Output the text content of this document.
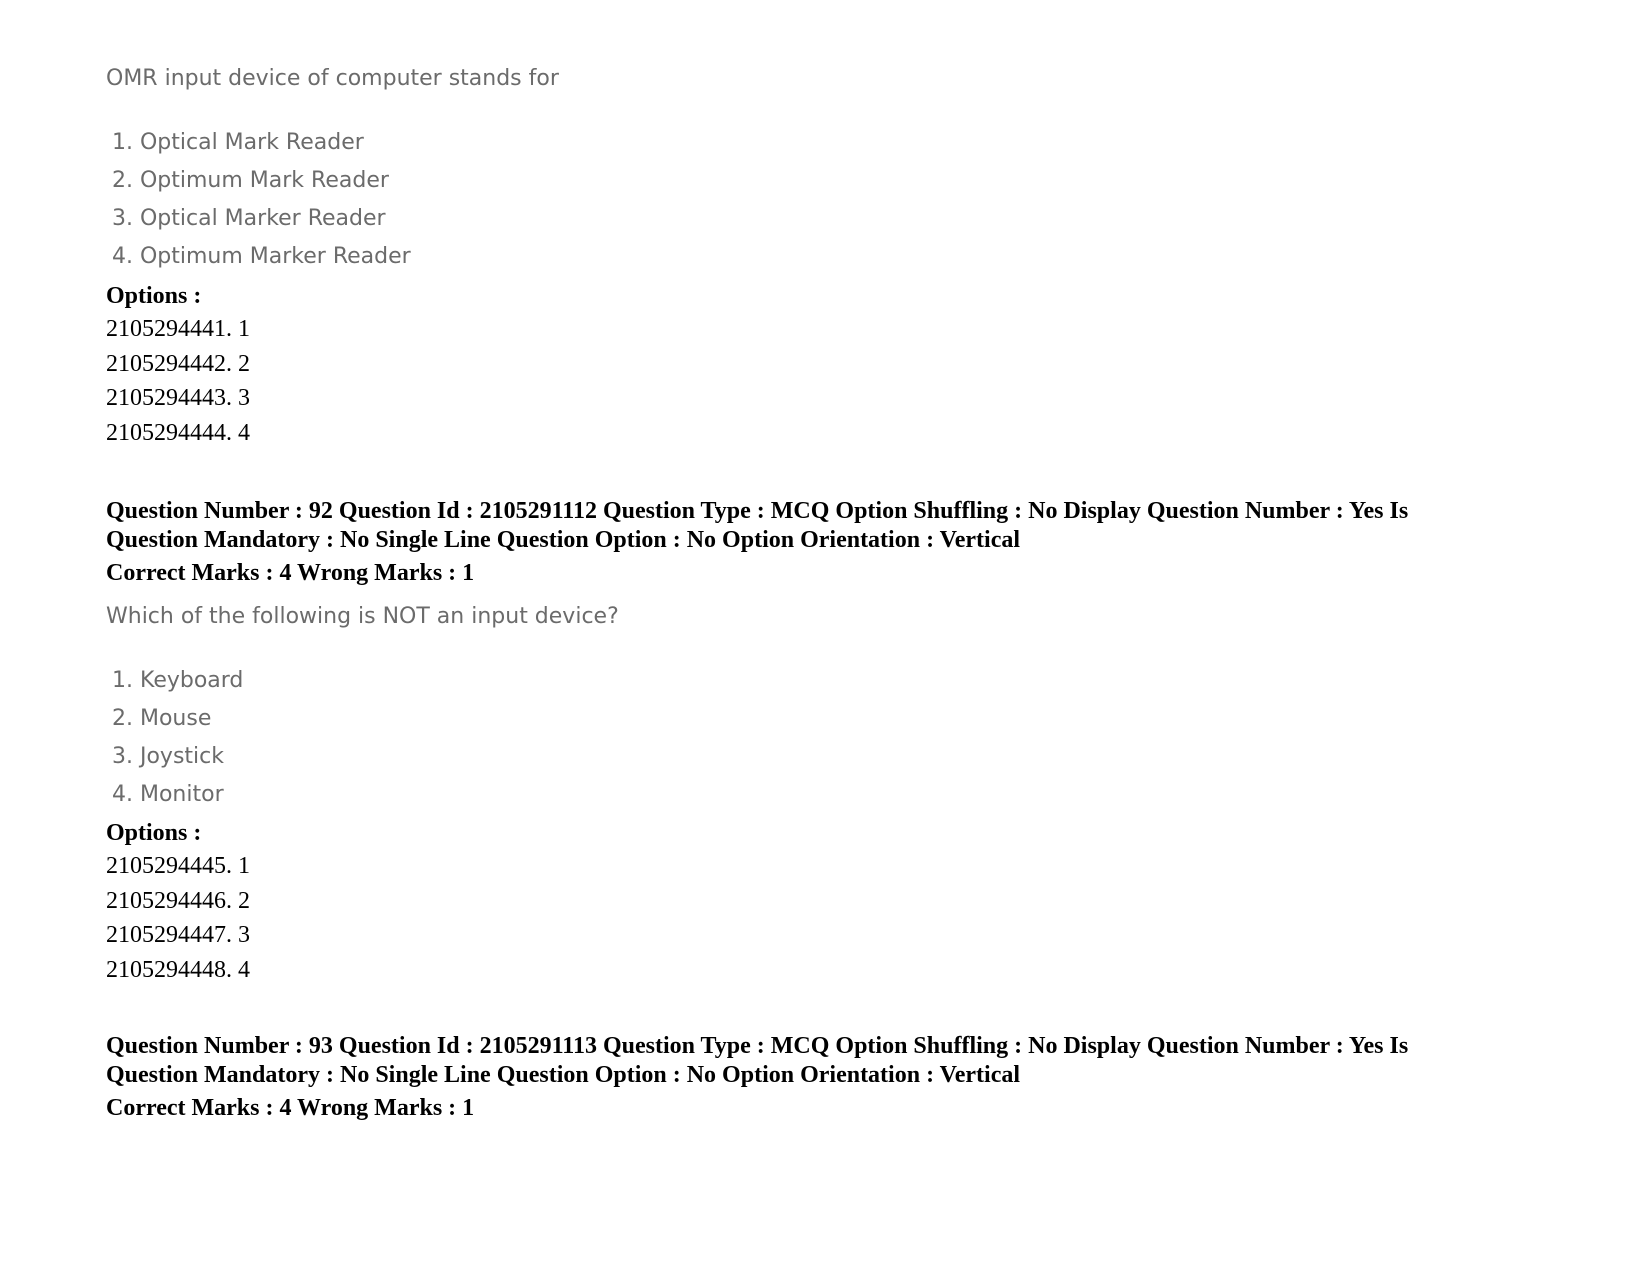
OMR input device of computer stands for

1. Optical Mark Reader
2. Optimum Mark Reader
3. Optical Marker Reader
4. Optimum Marker Reader

Options :

2105294441. 1

2105294442. 2

2105294443. 3

2105294444. 4

Question Number : 92 Question Id : 2105291112 Question Type : MCQ Option Shuffling : No Display Question Number : Yes Is

Question Mandatory : No Single Line Question Option : No Option Orientation : Vertical

Correct Marks : 4 Wrong Marks : 1

Which of the following is NOT an input device?

1. Keyboard
2. Mouse
3. Joystick
4. Monitor

Options :

2105294445. 1

2105294446. 2

2105294447. 3

2105294448. 4

Question Number : 93 Question Id : 2105291113 Question Type : MCQ Option Shuffling : No Display Question Number : Yes Is

Question Mandatory : No Single Line Question Option : No Option Orientation : Vertical

Correct Marks : 4 Wrong Marks : 1
